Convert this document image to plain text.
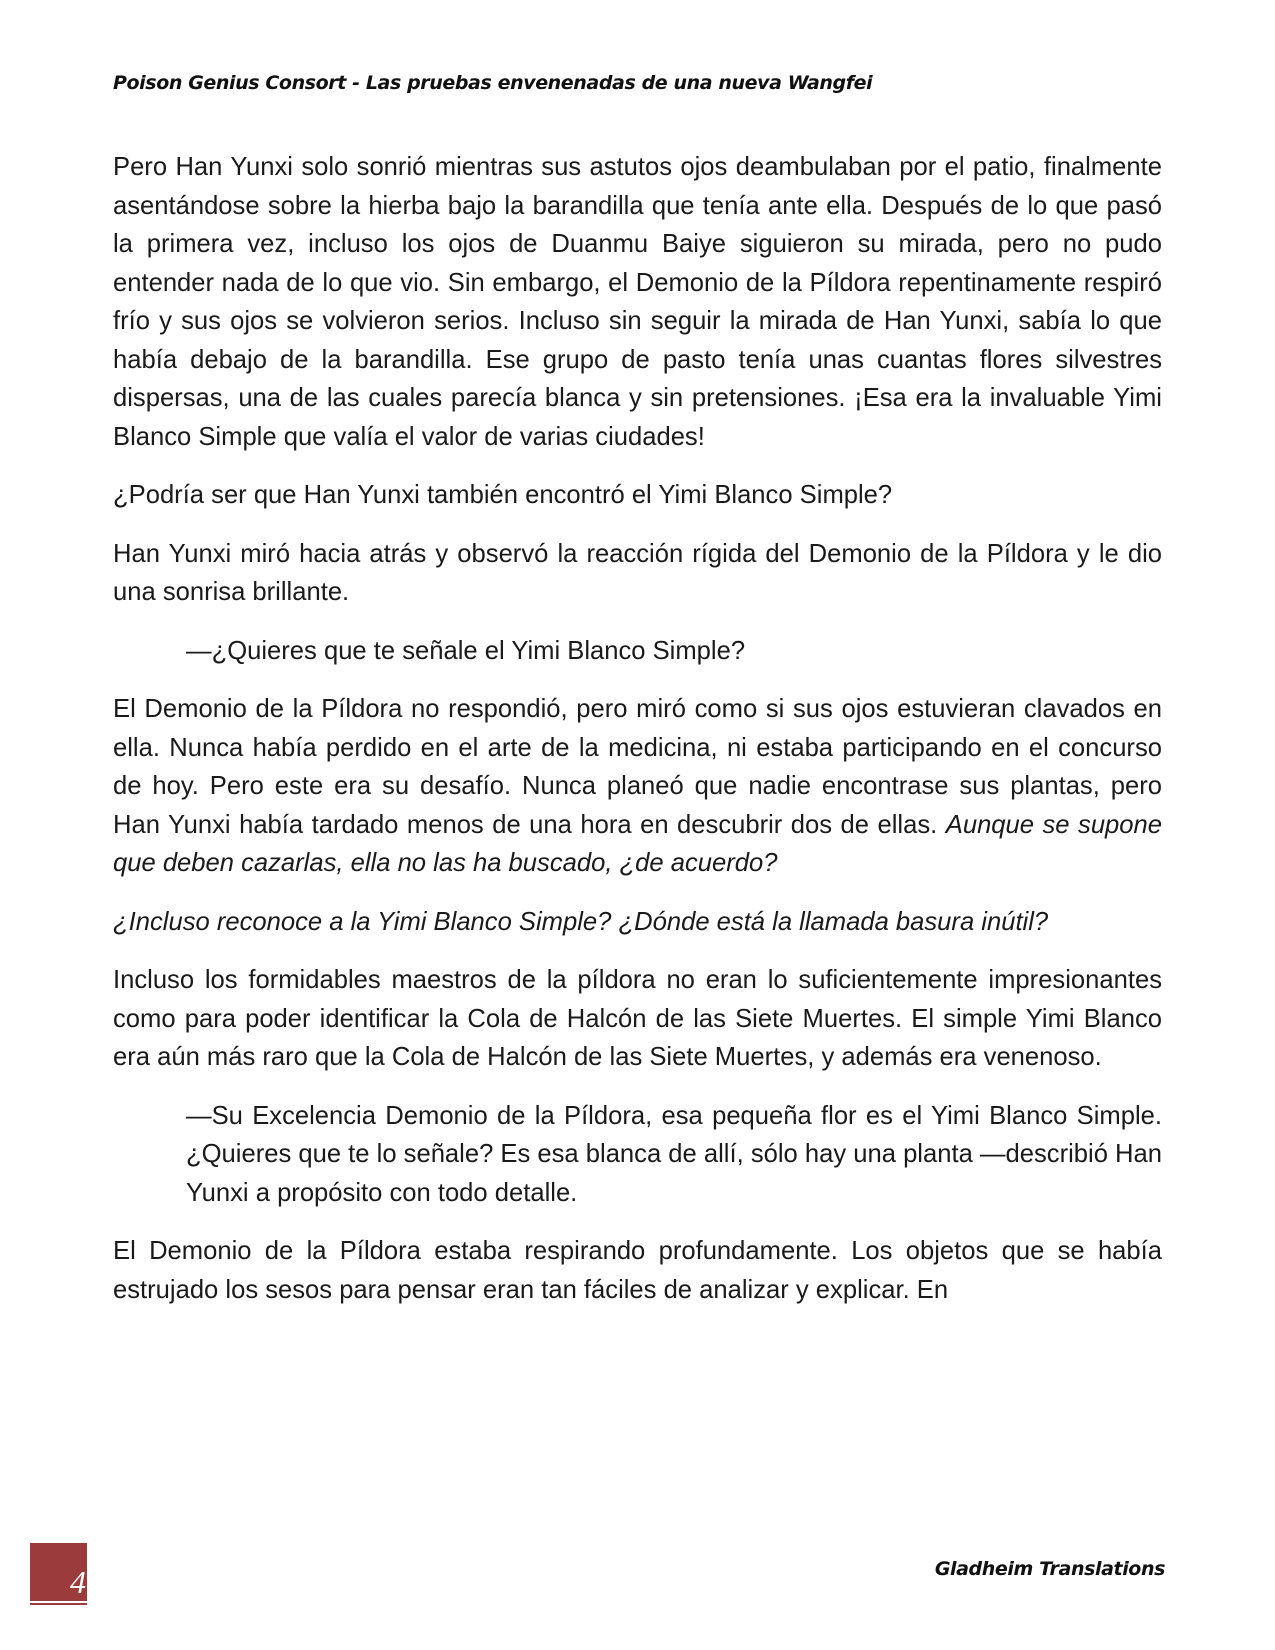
Poison Genius Consort - Las pruebas envenenadas de una nueva Wangfei

Pero Han Yunxi solo sonrió mientras sus astutos ojos deambulaban por el patio, finalmente asentándose sobre la hierba bajo la barandilla que tenía ante ella. Después de lo que pasó la primera vez, incluso los ojos de Duanmu Baiye siguieron su mirada, pero no pudo entender nada de lo que vio. Sin embargo, el Demonio de la Píldora repentinamente respiró frío y sus ojos se volvieron serios. Incluso sin seguir la mirada de Han Yunxi, sabía lo que había debajo de la barandilla. Ese grupo de pasto tenía unas cuantas flores silvestres dispersas, una de las cuales parecía blanca y sin pretensiones. ¡Esa era la invaluable Yimi Blanco Simple que valía el valor de varias ciudades!

¿Podría ser que Han Yunxi también encontró el Yimi Blanco Simple?

Han Yunxi miró hacia atrás y observó la reacción rígida del Demonio de la Píldora y le dio una sonrisa brillante.

—¿Quieres que te señale el Yimi Blanco Simple?

El Demonio de la Píldora no respondió, pero miró como si sus ojos estuvieran clavados en ella. Nunca había perdido en el arte de la medicina, ni estaba participando en el concurso de hoy. Pero este era su desafío. Nunca planeó que nadie encontrase sus plantas, pero Han Yunxi había tardado menos de una hora en descubrir dos de ellas. Aunque se supone que deben cazarlas, ella no las ha buscado, ¿de acuerdo?

¿Incluso reconoce a la Yimi Blanco Simple? ¿Dónde está la llamada basura inútil?

Incluso los formidables maestros de la píldora no eran lo suficientemente impresionantes como para poder identificar la Cola de Halcón de las Siete Muertes. El simple Yimi Blanco era aún más raro que la Cola de Halcón de las Siete Muertes, y además era venenoso.

—Su Excelencia Demonio de la Píldora, esa pequeña flor es el Yimi Blanco Simple. ¿Quieres que te lo señale? Es esa blanca de allí, sólo hay una planta —describió Han Yunxi a propósito con todo detalle.

El Demonio de la Píldora estaba respirando profundamente. Los objetos que se había estrujado los sesos para pensar eran tan fáciles de analizar y explicar. En

4	Gladheim Translations
